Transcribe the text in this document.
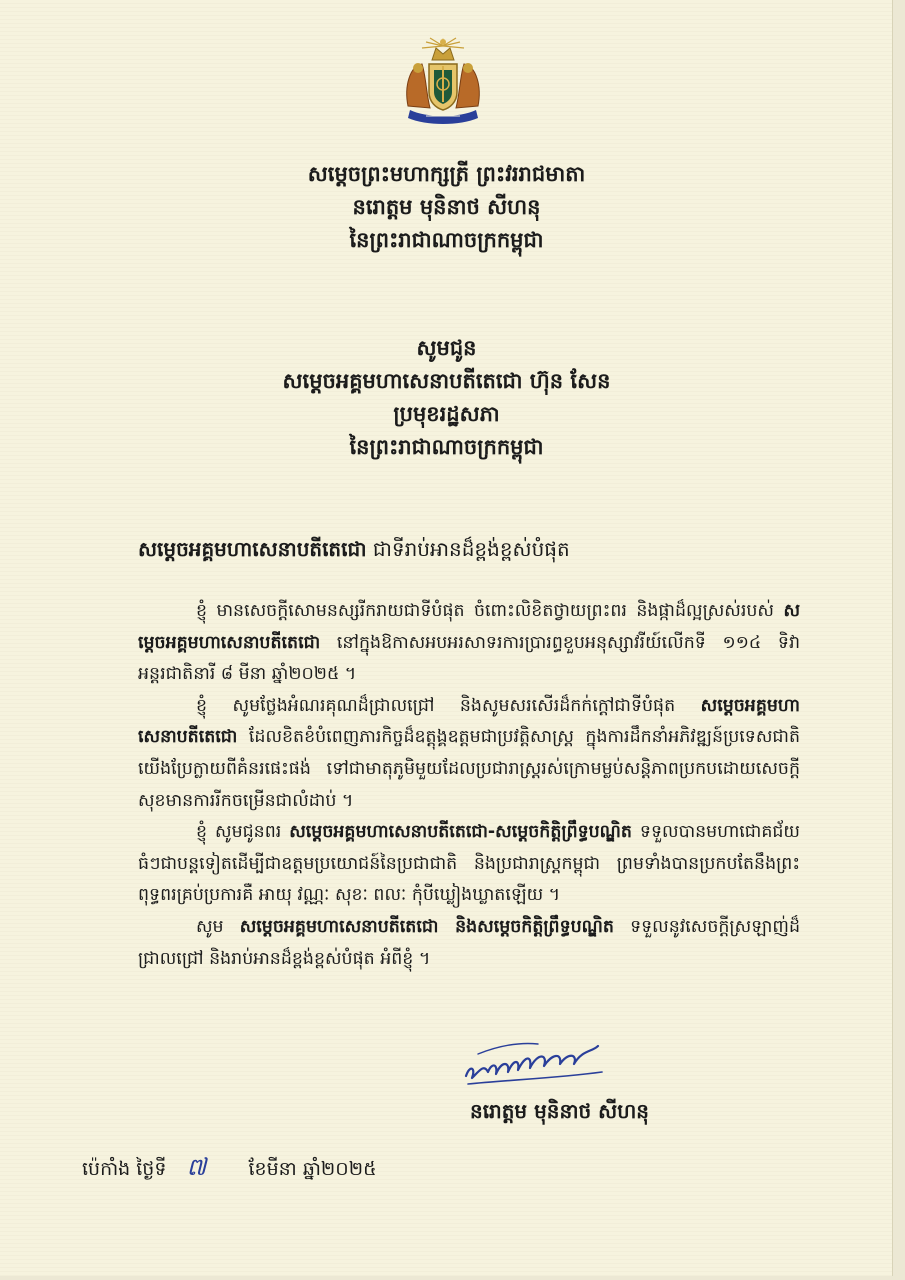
សម្តេចព្រះមហាក្សត្រី ព្រះវររាជមាតា
នរោត្តម មុនិនាថ សីហនុ
នៃព្រះរាជាណាចក្រកម្ពុជា
សូមជូន
សម្តេចអគ្គមហាសេនាបតីតេជោ ហ៊ុន សែន
ប្រមុខរដ្ឋសភា
នៃព្រះរាជាណាចក្រកម្ពុជា
សម្តេចអគ្គមហាសេនាបតីតេជោ ជាទីរាប់អានដ៏ខ្ពង់ខ្ពស់បំផុត

ខ្ញុំ មានសេចក្តីសោមនស្សរីករាយជាទីបំផុត ចំពោះលិខិតថ្វាយព្រះពរ និងផ្កាដ៏ល្អស្រស់របស់ សម្តេចអគ្គមហាសេនាបតីតេជោ នៅក្នុងឱកាសអបអរសាទរការប្រារព្ធខួបអនុស្សាវរីយ៍លើកទី ១១៤ ទិវាអន្តរជាតិនារី ៨ មីនា ឆ្នាំ២០២៥ ។

ខ្ញុំ សូមថ្លែងអំណរគុណដ៏ជ្រាលជ្រៅ និងសូមសរសើរដ៏កក់ក្តៅជាទីបំផុត សម្តេចអគ្គមហាសេនាបតីតេជោ ដែលខិតខំបំពេញភារកិច្ចដ៏ឧត្តុង្គឧត្តមជាប្រវត្តិសាស្ត្រ ក្នុងការដឹកនាំអភិវឌ្ឍន៍ប្រទេសជាតិ យើងប្រែក្លាយពីគំនរផេះផង់ ទៅជាមាតុភូមិមួយដែលប្រជារាស្ត្ររស់ក្រោមម្លប់សន្តិភាពប្រកបដោយសេចក្តីសុខមានការរីកចម្រើនជាលំដាប់ ។

ខ្ញុំ សូមជូនពរ សម្តេចអគ្គមហាសេនាបតីតេជោ-សម្តេចកិត្តិព្រឹទ្ធបណ្ឌិត ទទួលបានមហាជោគជ័យធំៗជាបន្តទៀតដើម្បីជាឧត្តមប្រយោជន៍នៃប្រជាជាតិ និងប្រជារាស្ត្រកម្ពុជា ព្រមទាំងបានប្រកបតែនឹងព្រះពុទ្ធពរគ្រប់ប្រការគឺ អាយុ វណ្ណៈ សុខៈ ពលៈ កុំបីឃ្លៀងឃ្លាតឡើយ ។

សូម សម្តេចអគ្គមហាសេនាបតីតេជោ និងសម្តេចកិត្តិព្រឹទ្ធបណ្ឌិត ទទួលនូវសេចក្តីស្រឡាញ់ដ៏ជ្រាលជ្រៅ និងរាប់អានដ៏ខ្ពង់ខ្ពស់បំផុត អំពីខ្ញុំ ។

នរោត្តម មុនិនាថ សីហនុ
ប៉េកាំង ថ្ងៃទី ៧ ខែមីនា ឆ្នាំ២០២៥
